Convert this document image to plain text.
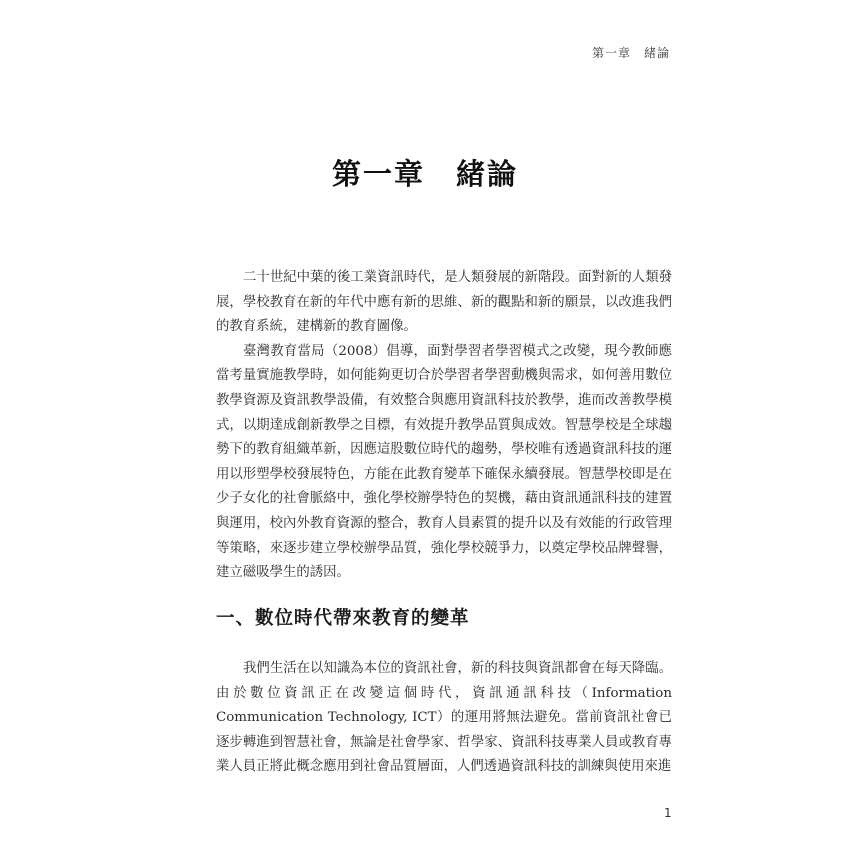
第一章　緒論
第一章　緒論

二十世紀中葉的後工業資訊時代，是人類發展的新階段。面對新的人類發展，學校教育在新的年代中應有新的思維、新的觀點和新的願景，以改進我們的教育系統，建構新的教育圖像。

臺灣教育當局（2008）倡導，面對學習者學習模式之改變，現今教師應當考量實施教學時，如何能夠更切合於學習者學習動機與需求，如何善用數位教學資源及資訊教學設備，有效整合與應用資訊科技於教學，進而改善教學模式，以期達成創新教學之目標，有效提升教學品質與成效。智慧學校是全球趨勢下的教育組織革新，因應這股數位時代的趨勢，學校唯有透過資訊科技的運用以形塑學校發展特色，方能在此教育變革下確保永續發展。智慧學校即是在少子女化的社會脈絡中，強化學校辦學特色的契機，藉由資訊通訊科技的建置與運用，校內外教育資源的整合，教育人員素質的提升以及有效能的行政管理等策略，來逐步建立學校辦學品質，強化學校競爭力，以奠定學校品牌聲譽，建立磁吸學生的誘因。

一、數位時代帶來教育的變革

我們生活在以知識為本位的資訊社會，新的科技與資訊都會在每天降臨。由於數位資訊正在改變這個時代，資訊通訊科技（Information Communication Technology, ICT）的運用將無法避免。當前資訊社會已逐步轉進到智慧社會，無論是社會學家、哲學家、資訊科技專業人員或教育專業人員正將此概念應用到社會品質層面，人們透過資訊科技的訓練與使用來進

1
